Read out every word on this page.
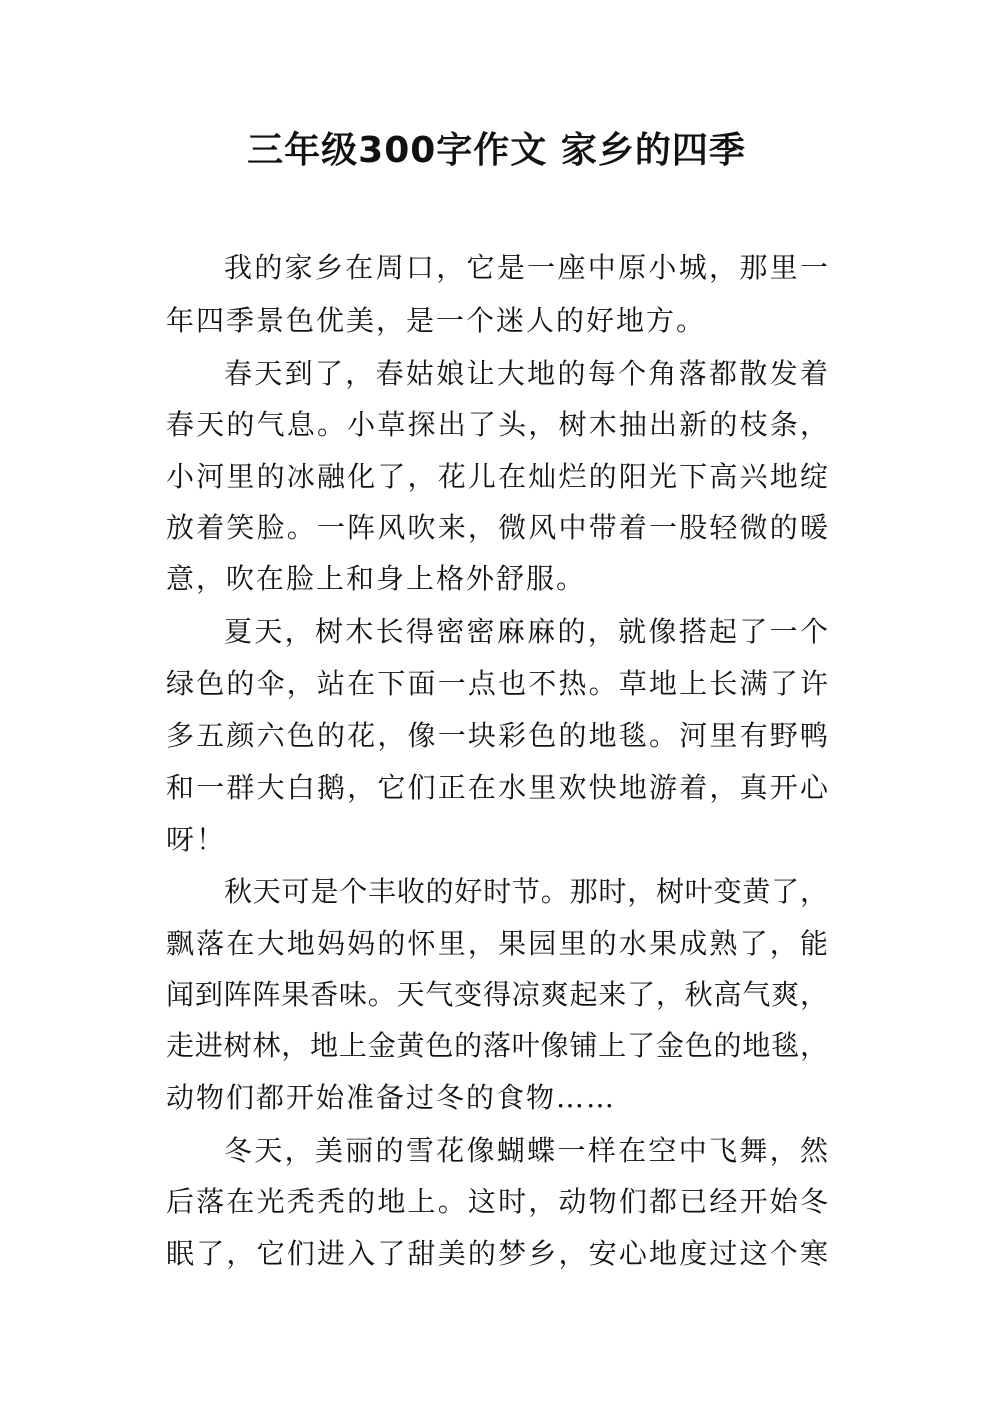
三年级300字作文 家乡的四季
我的家乡在周口，它是一座中原小城，那里一
年四季景色优美，是一个迷人的好地方。
春天到了，春姑娘让大地的每个角落都散发着
春天的气息。小草探出了头，树木抽出新的枝条，
小河里的冰融化了，花儿在灿烂的阳光下高兴地绽
放着笑脸。一阵风吹来，微风中带着一股轻微的暖
意，吹在脸上和身上格外舒服。
夏天，树木长得密密麻麻的，就像搭起了一个
绿色的伞，站在下面一点也不热。草地上长满了许
多五颜六色的花，像一块彩色的地毯。河里有野鸭
和一群大白鹅，它们正在水里欢快地游着，真开心
呀！
秋天可是个丰收的好时节。那时，树叶变黄了，
飘落在大地妈妈的怀里，果园里的水果成熟了，能
闻到阵阵果香味。天气变得凉爽起来了，秋高气爽，
走进树林，地上金黄色的落叶像铺上了金色的地毯，
动物们都开始准备过冬的食物……
冬天，美丽的雪花像蝴蝶一样在空中飞舞，然
后落在光秃秃的地上。这时，动物们都已经开始冬
眠了，它们进入了甜美的梦乡，安心地度过这个寒
